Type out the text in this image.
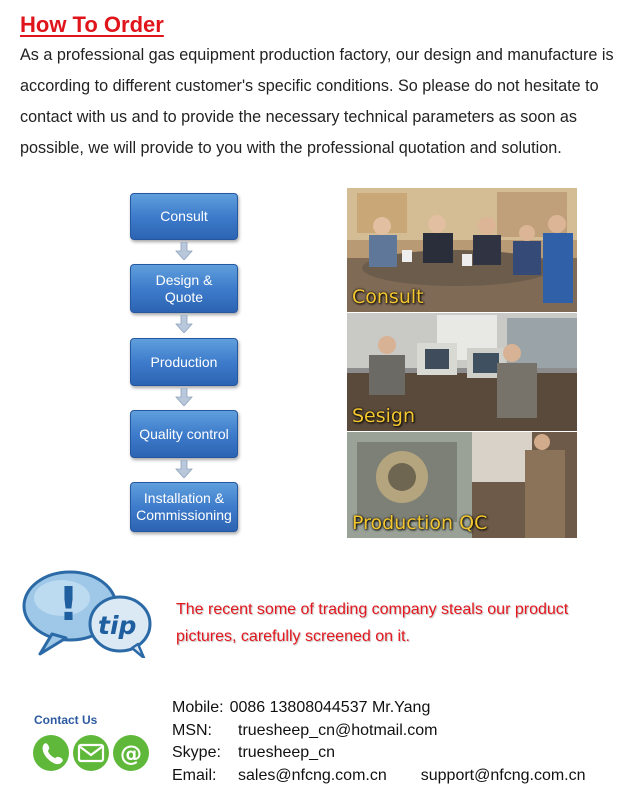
How To Order
As a professional gas equipment production factory, our design and manufacture is according to different customer's specific conditions. So please do not hesitate to contact with us and to provide the necessary technical parameters as soon as possible, we will provide to you with the professional quotation and solution.
Consult
Design & Quote
Production
Quality control
Installation & Commissioning
Consult
Sesign
Production QC
! tip
The recent some of trading company steals our product pictures, carefully screened on it.
Contact Us
@
Mobile: 0086 13808044537 Mr.Yang
MSN: truesheep_cn@hotmail.com
Skype: truesheep_cn
Email: sales@nfcng.com.cn support@nfcng.com.cn
